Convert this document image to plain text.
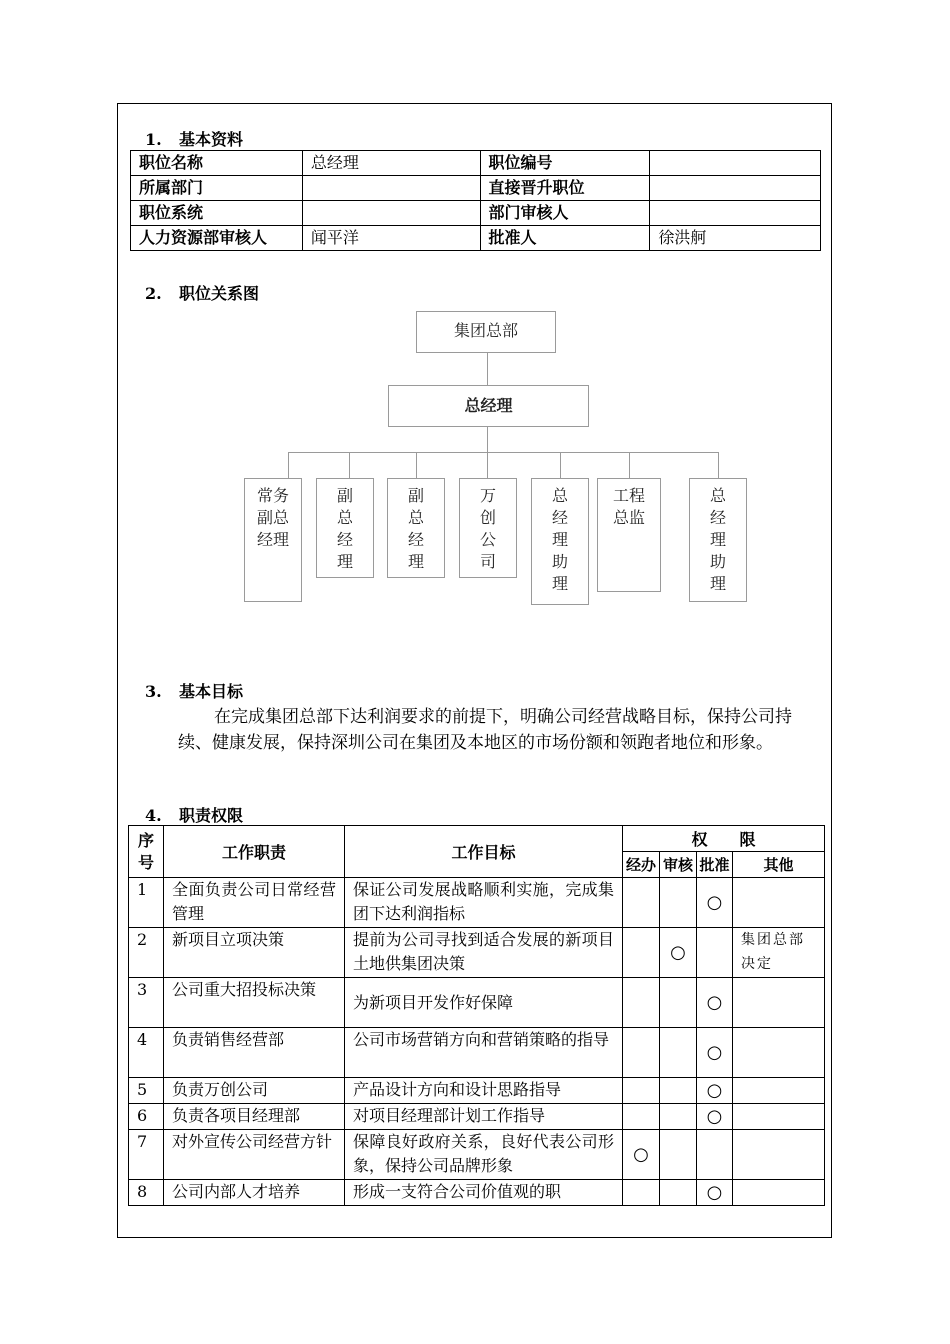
1. 基本资料
职位名称	总经理	职位编号	
所属部门		直接晋升职位	
职位系统		部门审核人	
人力资源部审核人	闻平洋	批准人	徐洪舸
2. 职位关系图
集团总部
总经理
常务副总经理
副总经理
副总经理
万创公司
总经理助理
工程总监
总经理助理
3. 基本目标
在完成集团总部下达利润要求的前提下，明确公司经营战略目标，保持公司持续、健康发展，保持深圳公司在集团及本地区的市场份额和领跑者地位和形象。
4. 职责权限
序号	工作职责	工作目标	权　　限			
			经办	审核	批准	其他

1	全面负责公司日常经营管理	保证公司发展战略顺利实施，完成集团下达利润指标			○	

2	新项目立项决策	提前为公司寻找到适合发展的新项目土地供集团决策		○		集团总部决定

3	公司重大招投标决策	为新项目开发作好保障			○	

4	负责销售经营部	公司市场营销方向和营销策略的指导			○	

5	负责万创公司	产品设计方向和设计思路指导			○	

6	负责各项目经理部	对项目经理部计划工作指导			○	

7	对外宣传公司经营方针	保障良好政府关系，良好代表公司形象，保持公司品牌形象	○			

8	公司内部人才培养	形成一支符合公司价值观的职			○	
